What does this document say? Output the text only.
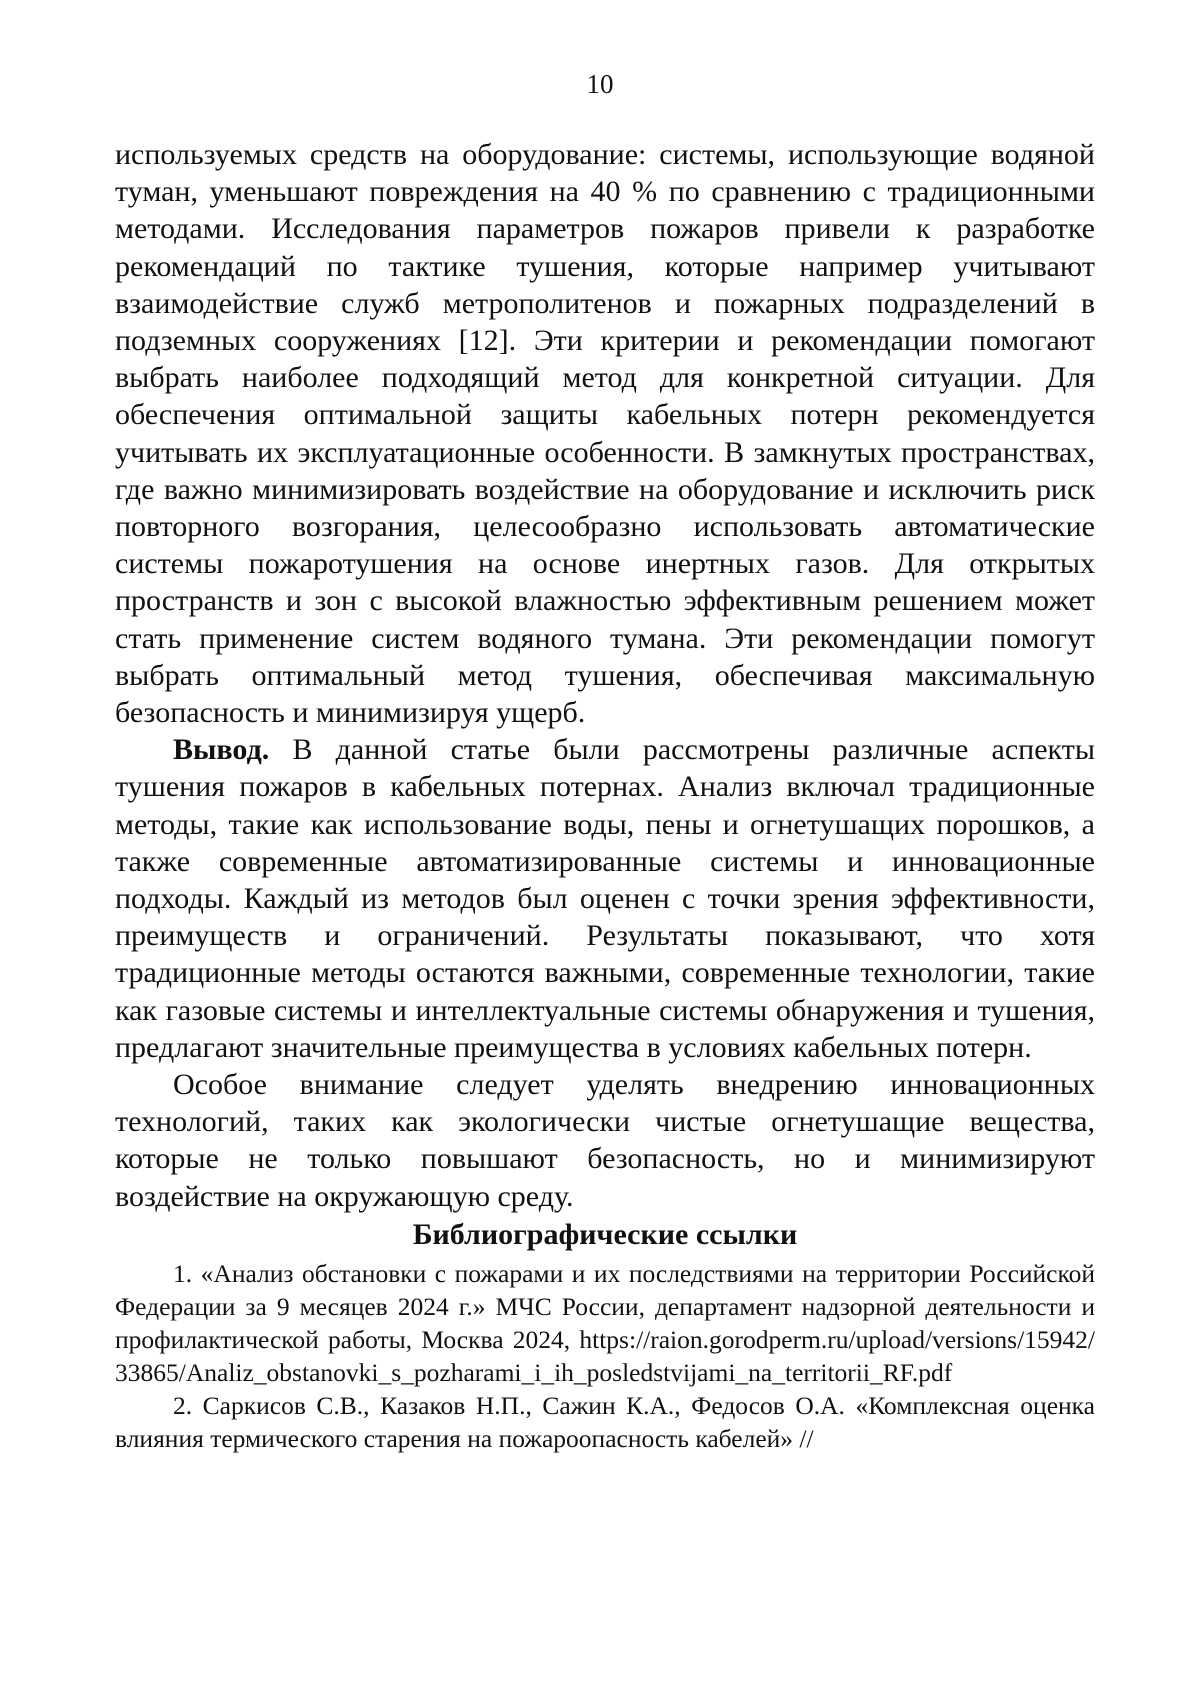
10

используемых средств на оборудование: системы, использующие водяной туман, уменьшают повреждения на 40 % по сравнению с традиционными методами. Исследования параметров пожаров привели к разработке рекомендаций по тактике тушения, которые например учитывают взаимодействие служб метрополитенов и пожарных подразделений в подземных сооружениях [12]. Эти критерии и рекомендации помогают выбрать наиболее подходящий метод для конкретной ситуации. Для обеспечения оптимальной защиты кабельных потерн рекомендуется учитывать их эксплуатационные особенности. В замкнутых пространствах, где важно минимизировать воздействие на оборудование и исключить риск повторного возгорания, целесообразно использовать автоматические системы пожаротушения на основе инертных газов. Для открытых пространств и зон с высокой влажностью эффективным решением может стать применение систем водяного тумана. Эти рекомендации помогут выбрать оптимальный метод тушения, обеспечивая максимальную безопасность и минимизируя ущерб.

Вывод. В данной статье были рассмотрены различные аспекты тушения пожаров в кабельных потернах. Анализ включал традиционные методы, такие как использование воды, пены и огнетушащих порошков, а также современные автоматизированные системы и инновационные подходы. Каждый из методов был оценен с точки зрения эффективности, преимуществ и ограничений. Результаты показывают, что хотя традиционные методы остаются важными, современные технологии, такие как газовые системы и интеллектуальные системы обнаружения и тушения, предлагают значительные преимущества в условиях кабельных потерн.

Особое внимание следует уделять внедрению инновационных технологий, таких как экологически чистые огнетушащие вещества, которые не только повышают безопасность, но и минимизируют воздействие на окружающую среду.

Библиографические ссылки

1. «Анализ обстановки с пожарами и их последствиями на территории Российской Федерации за 9 месяцев 2024 г.» МЧС России, департамент надзорной деятельности и профилактической работы, Москва 2024, https://raion.gorodperm.ru/upload/versions/15942/33865/Analiz_obstanovki_s_pozharami_i_ih_posledstvijami_na_territorii_RF.pdf

2. Саркисов С.В., Казаков Н.П., Сажин К.А., Федосов О.А. «Комплексная оценка влияния термического старения на пожароопасность кабелей» //
